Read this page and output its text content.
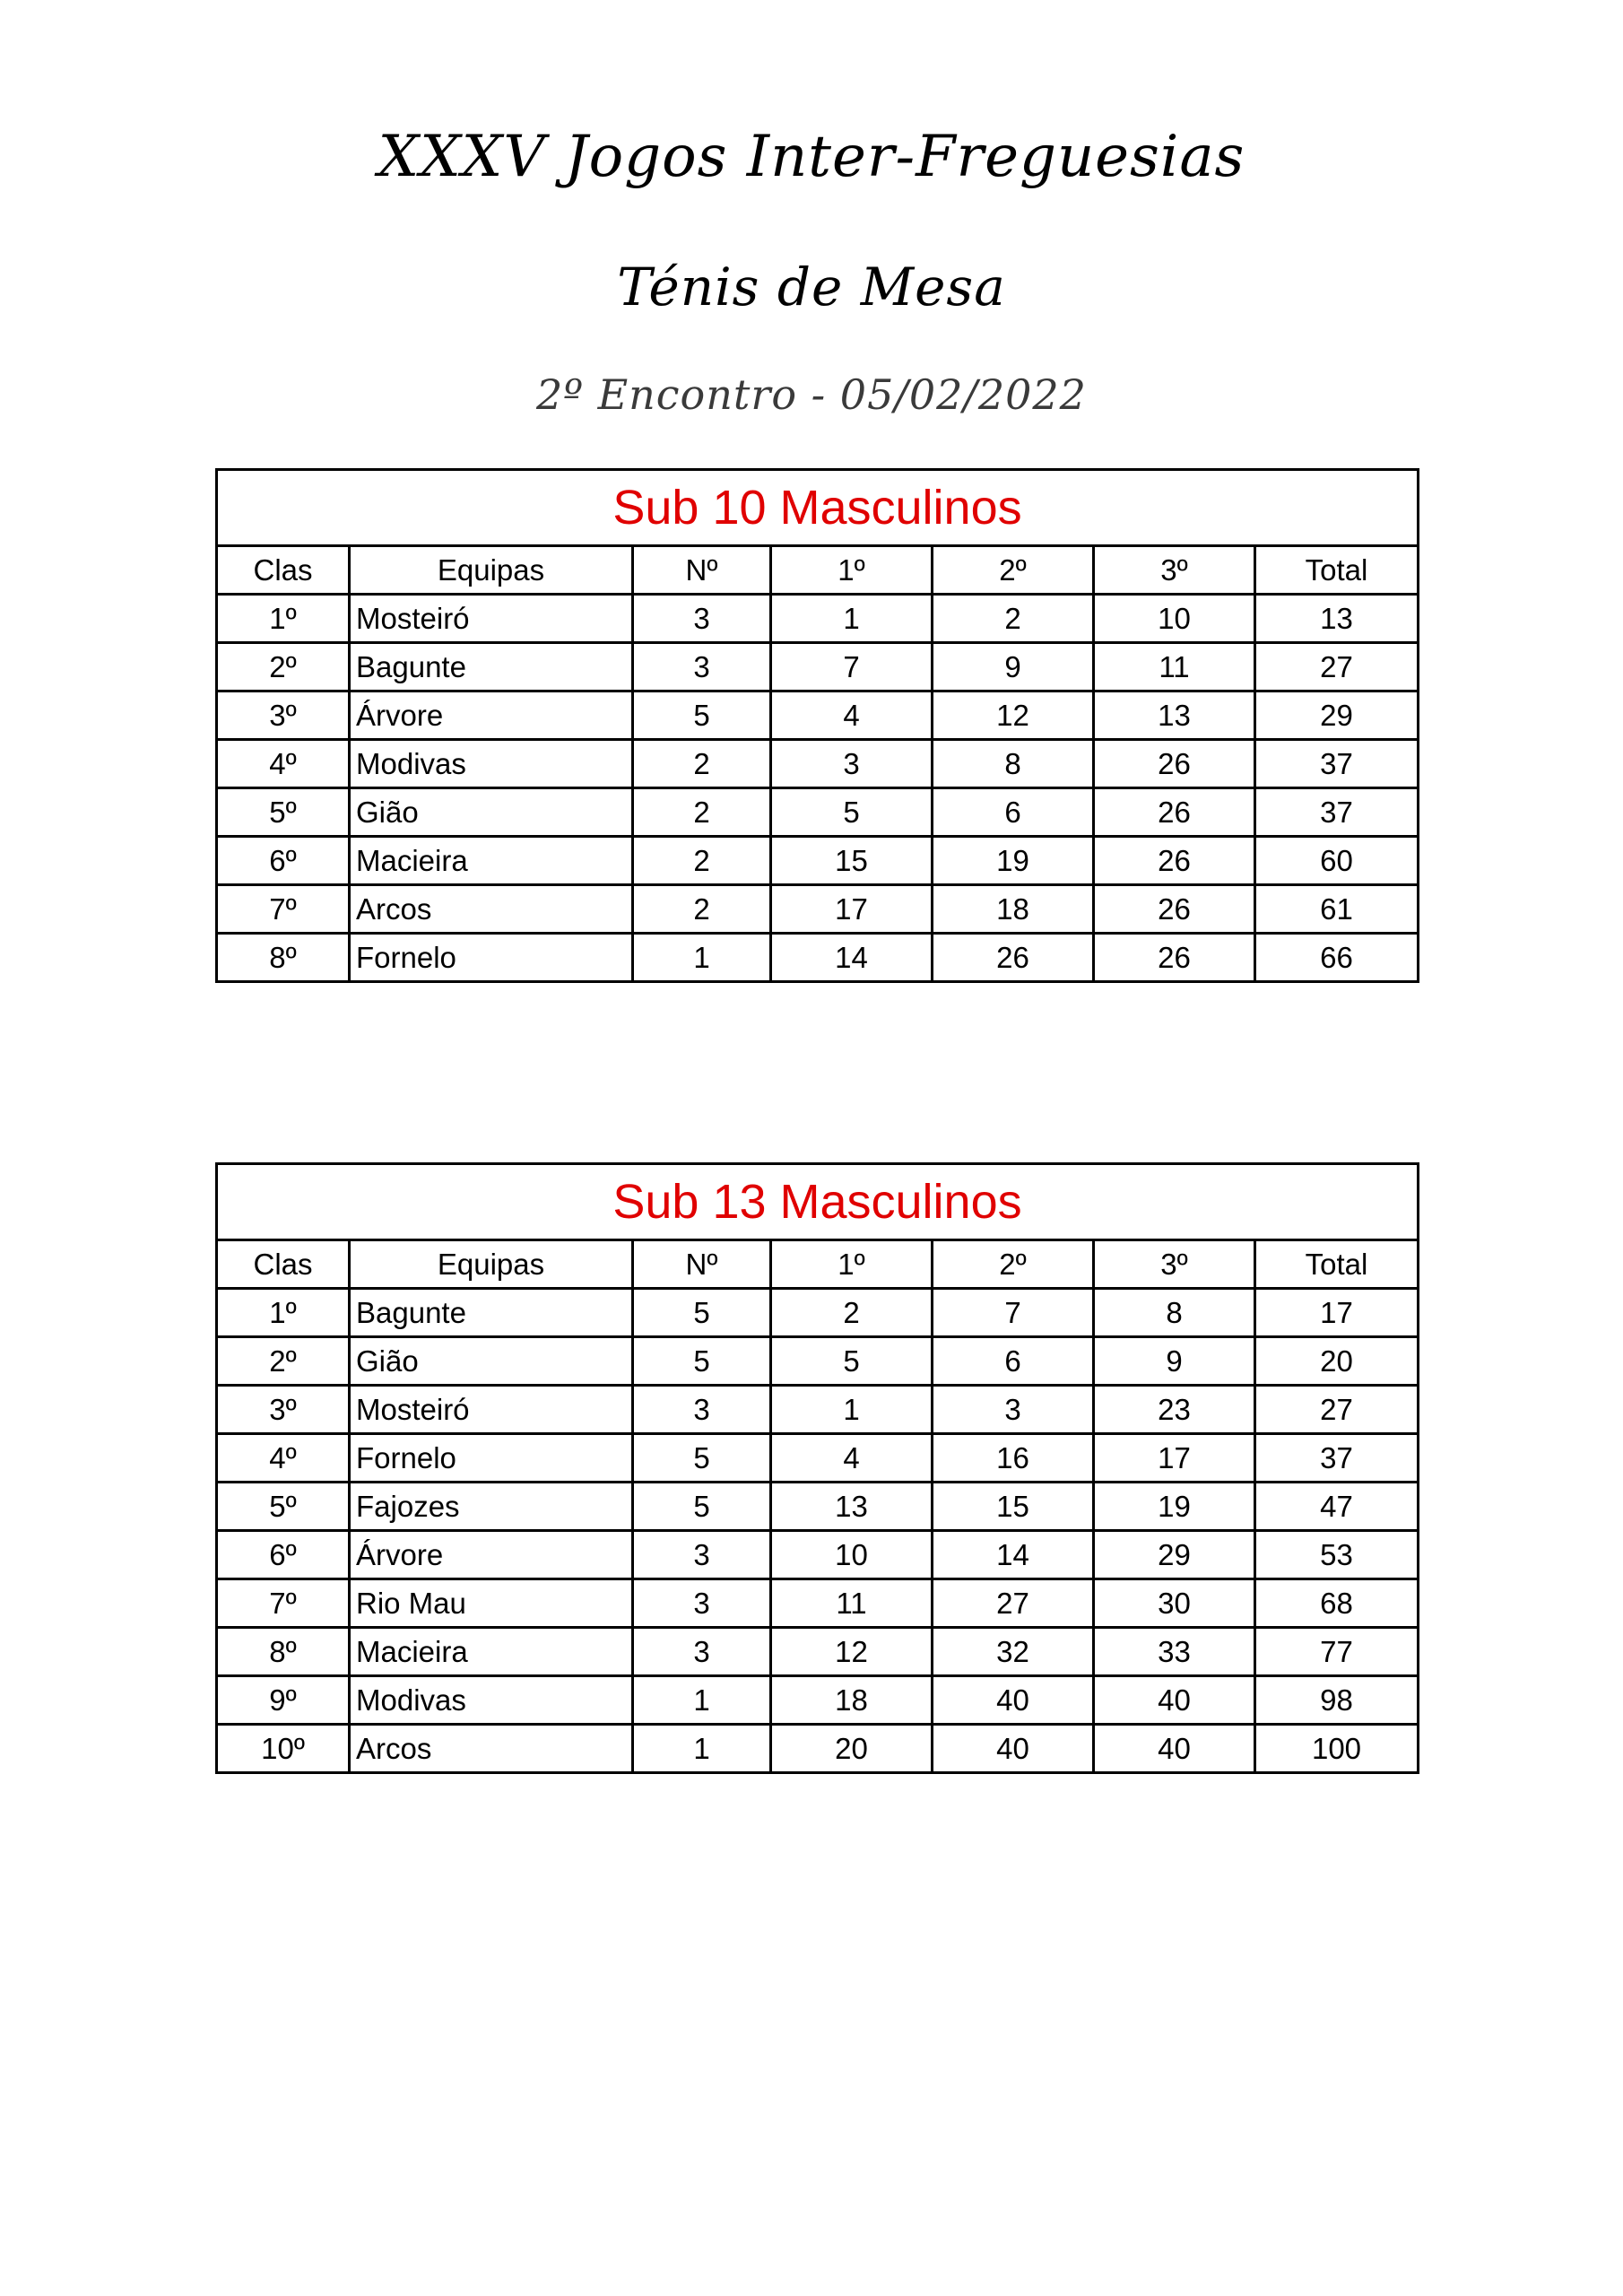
XXXV Jogos Inter-Freguesias
Ténis de Mesa
2º Encontro - 05/02/2022
Sub 10 Masculinos						
Clas	Equipas	Nº	1º	2º	3º	Total
1º	Mosteiró	3	1	2	10	13
2º	Bagunte	3	7	9	11	27
3º	Árvore	5	4	12	13	29
4º	Modivas	2	3	8	26	37
5º	Gião	2	5	6	26	37
6º	Macieira	2	15	19	26	60
7º	Arcos	2	17	18	26	61
8º	Fornelo	1	14	26	26	66
Sub 13 Masculinos						
Clas	Equipas	Nº	1º	2º	3º	Total
1º	Bagunte	5	2	7	8	17
2º	Gião	5	5	6	9	20
3º	Mosteiró	3	1	3	23	27
4º	Fornelo	5	4	16	17	37
5º	Fajozes	5	13	15	19	47
6º	Árvore	3	10	14	29	53
7º	Rio Mau	3	11	27	30	68
8º	Macieira	3	12	32	33	77
9º	Modivas	1	18	40	40	98
10º	Arcos	1	20	40	40	100
